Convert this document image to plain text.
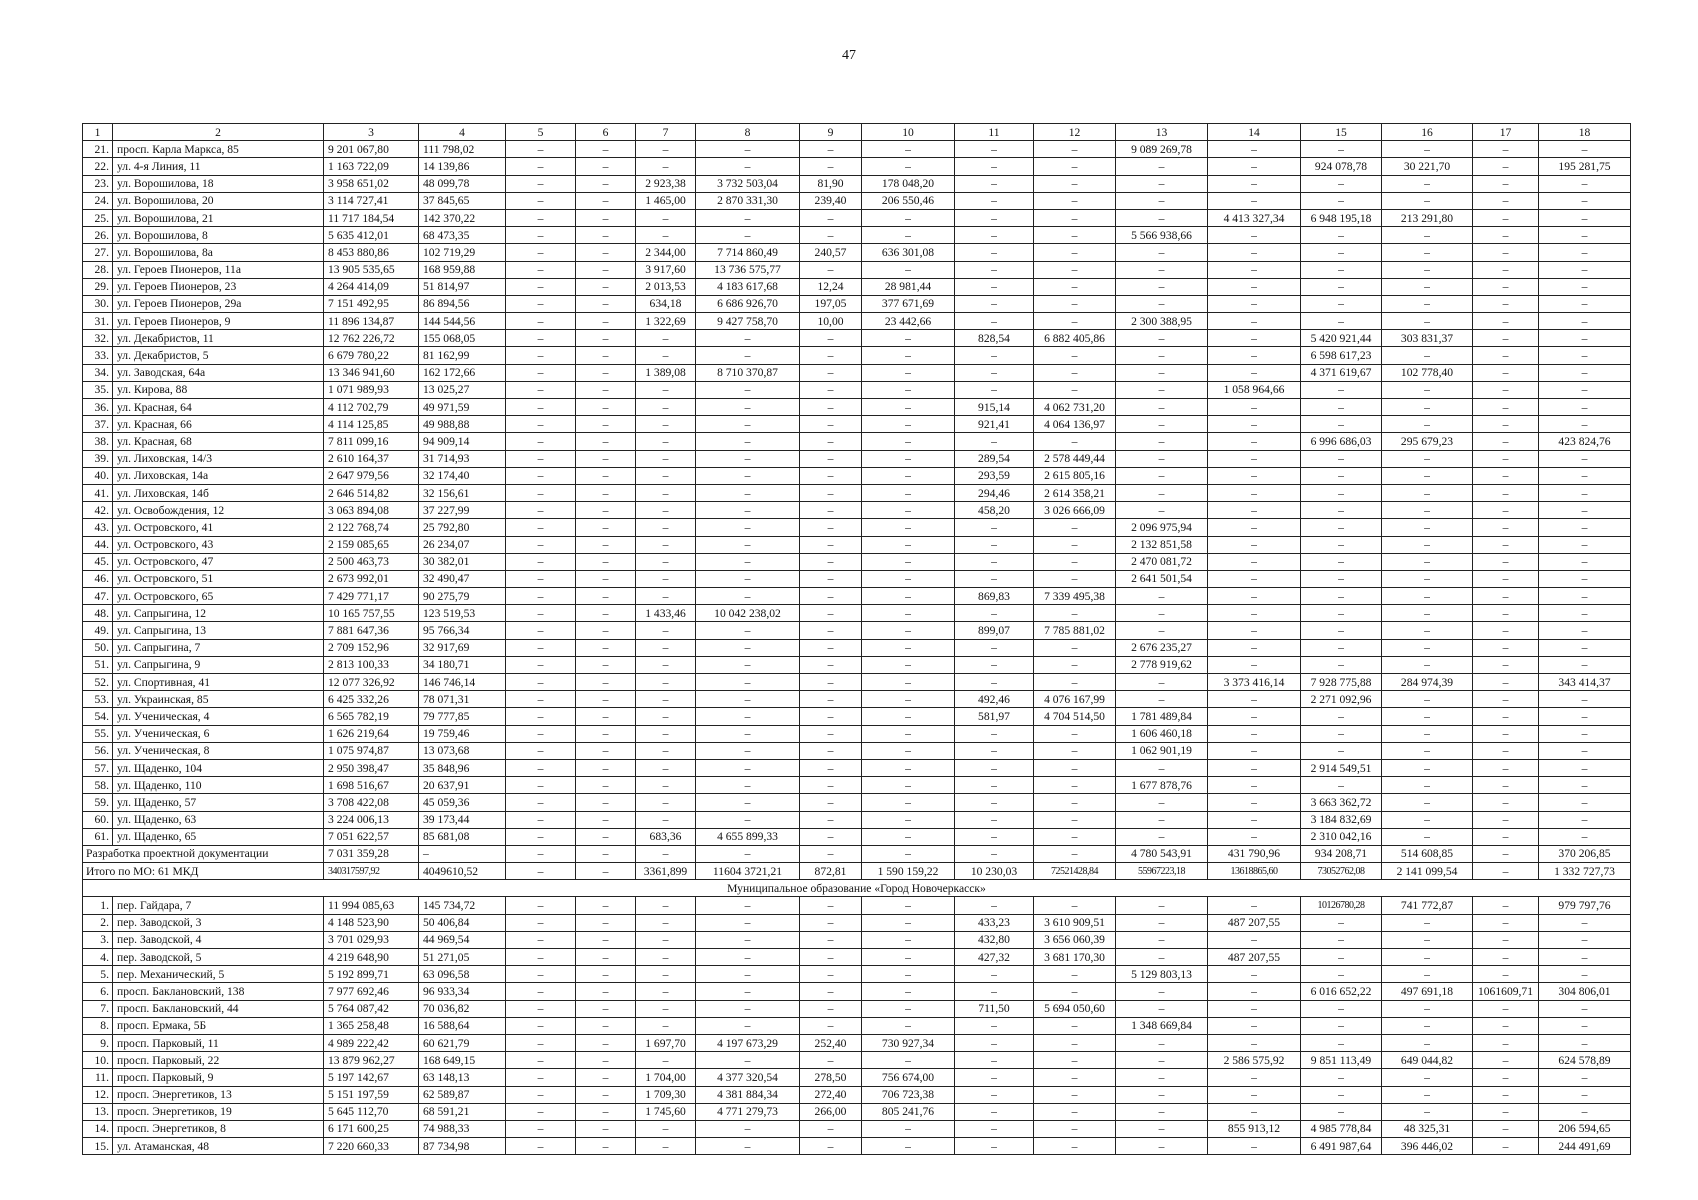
47
1	2	3	4	5	6	7	8	9	10	11	12	13	14	15	16	17	18
21.	просп. Карла Маркса, 85	9 201 067,80	111 798,02	–	–	–	–	–	–	–	–	9 089 269,78	–	–	–	–	–
22.	ул. 4-я Линия, 11	1 163 722,09	14 139,86	–	–	–	–	–	–	–	–	–	–	924 078,78	30 221,70	–	195 281,75
23.	ул. Ворошилова, 18	3 958 651,02	48 099,78	–	–	2 923,38	3 732 503,04	81,90	178 048,20	–	–	–	–	–	–	–	–
24.	ул. Ворошилова, 20	3 114 727,41	37 845,65	–	–	1 465,00	2 870 331,30	239,40	206 550,46	–	–	–	–	–	–	–	–
25.	ул. Ворошилова, 21	11 717 184,54	142 370,22	–	–	–	–	–	–	–	–	–	4 413 327,34	6 948 195,18	213 291,80	–	–
26.	ул. Ворошилова, 8	5 635 412,01	68 473,35	–	–	–	–	–	–	–	–	5 566 938,66	–	–	–	–	–
27.	ул. Ворошилова, 8а	8 453 880,86	102 719,29	–	–	2 344,00	7 714 860,49	240,57	636 301,08	–	–	–	–	–	–	–	–
28.	ул. Героев Пионеров, 11а	13 905 535,65	168 959,88	–	–	3 917,60	13 736 575,77	–	–	–	–	–	–	–	–	–	–
29.	ул. Героев Пионеров, 23	4 264 414,09	51 814,97	–	–	2 013,53	4 183 617,68	12,24	28 981,44	–	–	–	–	–	–	–	–
30.	ул. Героев Пионеров, 29а	7 151 492,95	86 894,56	–	–	634,18	6 686 926,70	197,05	377 671,69	–	–	–	–	–	–	–	–
31.	ул. Героев Пионеров, 9	11 896 134,87	144 544,56	–	–	1 322,69	9 427 758,70	10,00	23 442,66	–	–	2 300 388,95	–	–	–	–	–
32.	ул. Декабристов, 11	12 762 226,72	155 068,05	–	–	–	–	–	–	828,54	6 882 405,86	–	–	5 420 921,44	303 831,37	–	–
33.	ул. Декабристов, 5	6 679 780,22	81 162,99	–	–	–	–	–	–	–	–	–	–	6 598 617,23	–	–	–
34.	ул. Заводская, 64а	13 346 941,60	162 172,66	–	–	1 389,08	8 710 370,87	–	–	–	–	–	–	4 371 619,67	102 778,40	–	–
35.	ул. Кирова, 88	1 071 989,93	13 025,27	–	–	–	–	–	–	–	–	–	1 058 964,66	–	–	–	–
36.	ул. Красная, 64	4 112 702,79	49 971,59	–	–	–	–	–	–	915,14	4 062 731,20	–	–	–	–	–	–
37.	ул. Красная, 66	4 114 125,85	49 988,88	–	–	–	–	–	–	921,41	4 064 136,97	–	–	–	–	–	–
38.	ул. Красная, 68	7 811 099,16	94 909,14	–	–	–	–	–	–	–	–	–	–	6 996 686,03	295 679,23	–	423 824,76
39.	ул. Лиховская, 14/3	2 610 164,37	31 714,93	–	–	–	–	–	–	289,54	2 578 449,44	–	–	–	–	–	–
40.	ул. Лиховская, 14а	2 647 979,56	32 174,40	–	–	–	–	–	–	293,59	2 615 805,16	–	–	–	–	–	–
41.	ул. Лиховская, 14б	2 646 514,82	32 156,61	–	–	–	–	–	–	294,46	2 614 358,21	–	–	–	–	–	–
42.	ул. Освобождения, 12	3 063 894,08	37 227,99	–	–	–	–	–	–	458,20	3 026 666,09	–	–	–	–	–	–
43.	ул. Островского, 41	2 122 768,74	25 792,80	–	–	–	–	–	–	–	–	2 096 975,94	–	–	–	–	–
44.	ул. Островского, 43	2 159 085,65	26 234,07	–	–	–	–	–	–	–	–	2 132 851,58	–	–	–	–	–
45.	ул. Островского, 47	2 500 463,73	30 382,01	–	–	–	–	–	–	–	–	2 470 081,72	–	–	–	–	–
46.	ул. Островского, 51	2 673 992,01	32 490,47	–	–	–	–	–	–	–	–	2 641 501,54	–	–	–	–	–
47.	ул. Островского, 65	7 429 771,17	90 275,79	–	–	–	–	–	–	869,83	7 339 495,38	–	–	–	–	–	–
48.	ул. Сапрыгина, 12	10 165 757,55	123 519,53	–	–	1 433,46	10 042 238,02	–	–	–	–	–	–	–	–	–	–
49.	ул. Сапрыгина, 13	7 881 647,36	95 766,34	–	–	–	–	–	–	899,07	7 785 881,02	–	–	–	–	–	–
50.	ул. Сапрыгина, 7	2 709 152,96	32 917,69	–	–	–	–	–	–	–	–	2 676 235,27	–	–	–	–	–
51.	ул. Сапрыгина, 9	2 813 100,33	34 180,71	–	–	–	–	–	–	–	–	2 778 919,62	–	–	–	–	–
52.	ул. Спортивная, 41	12 077 326,92	146 746,14	–	–	–	–	–	–	–	–	–	3 373 416,14	7 928 775,88	284 974,39	–	343 414,37
53.	ул. Украинская, 85	6 425 332,26	78 071,31	–	–	–	–	–	–	492,46	4 076 167,99	–	–	2 271 092,96	–	–	–
54.	ул. Ученическая, 4	6 565 782,19	79 777,85	–	–	–	–	–	–	581,97	4 704 514,50	1 781 489,84	–	–	–	–	–
55.	ул. Ученическая, 6	1 626 219,64	19 759,46	–	–	–	–	–	–	–	–	1 606 460,18	–	–	–	–	–
56.	ул. Ученическая, 8	1 075 974,87	13 073,68	–	–	–	–	–	–	–	–	1 062 901,19	–	–	–	–	–
57.	ул. Щаденко, 104	2 950 398,47	35 848,96	–	–	–	–	–	–	–	–	–	–	2 914 549,51	–	–	–
58.	ул. Щаденко, 110	1 698 516,67	20 637,91	–	–	–	–	–	–	–	–	1 677 878,76	–	–	–	–	–
59.	ул. Щаденко, 57	3 708 422,08	45 059,36	–	–	–	–	–	–	–	–	–	–	3 663 362,72	–	–	–
60.	ул. Щаденко, 63	3 224 006,13	39 173,44	–	–	–	–	–	–	–	–	–	–	3 184 832,69	–	–	–
61.	ул. Щаденко, 65	7 051 622,57	85 681,08	–	–	683,36	4 655 899,33	–	–	–	–	–	–	2 310 042,16	–	–	–
Разработка проектной документации		7 031 359,28	–	–	–	–	–	–	–	–	–	4 780 543,91	431 790,96	934 208,71	514 608,85	–	370 206,85
Итого по МО: 61 МКД		340317597,92	4049610,52	–	–	3361,899	11604 3721,21	872,81	1 590 159,22	10 230,03	72521428,84	55967223,18	13618865,60	73052762,08	2 141 099,54	–	1 332 727,73
Муниципальное образование «Город Новочеркасск»																	
1.	пер. Гайдара, 7	11 994 085,63	145 734,72	–	–	–	–	–	–	–	–	–	–	10126780,28	741 772,87	–	979 797,76
2.	пер. Заводской, 3	4 148 523,90	50 406,84	–	–	–	–	–	–	433,23	3 610 909,51	–	487 207,55	–	–	–	–
3.	пер. Заводской, 4	3 701 029,93	44 969,54	–	–	–	–	–	–	432,80	3 656 060,39	–	–	–	–	–	–
4.	пер. Заводской, 5	4 219 648,90	51 271,05	–	–	–	–	–	–	427,32	3 681 170,30	–	487 207,55	–	–	–	–
5.	пер. Механический, 5	5 192 899,71	63 096,58	–	–	–	–	–	–	–	–	5 129 803,13	–	–	–	–	–
6.	просп. Баклановский, 138	7 977 692,46	96 933,34	–	–	–	–	–	–	–	–	–	–	6 016 652,22	497 691,18	1061609,71	304 806,01
7.	просп. Баклановский, 44	5 764 087,42	70 036,82	–	–	–	–	–	–	711,50	5 694 050,60	–	–	–	–	–	–
8.	просп. Ермака, 5Б	1 365 258,48	16 588,64	–	–	–	–	–	–	–	–	1 348 669,84	–	–	–	–	–
9.	просп. Парковый, 11	4 989 222,42	60 621,79	–	–	1 697,70	4 197 673,29	252,40	730 927,34	–	–	–	–	–	–	–	–
10.	просп. Парковый, 22	13 879 962,27	168 649,15	–	–	–	–	–	–	–	–	–	2 586 575,92	9 851 113,49	649 044,82	–	624 578,89
11.	просп. Парковый, 9	5 197 142,67	63 148,13	–	–	1 704,00	4 377 320,54	278,50	756 674,00	–	–	–	–	–	–	–	–
12.	просп. Энергетиков, 13	5 151 197,59	62 589,87	–	–	1 709,30	4 381 884,34	272,40	706 723,38	–	–	–	–	–	–	–	–
13.	просп. Энергетиков, 19	5 645 112,70	68 591,21	–	–	1 745,60	4 771 279,73	266,00	805 241,76	–	–	–	–	–	–	–	–
14.	просп. Энергетиков, 8	6 171 600,25	74 988,33	–	–	–	–	–	–	–	–	–	855 913,12	4 985 778,84	48 325,31	–	206 594,65
15.	ул. Атаманская, 48	7 220 660,33	87 734,98	–	–	–	–	–	–	–	–	–	–	6 491 987,64	396 446,02	–	244 491,69
